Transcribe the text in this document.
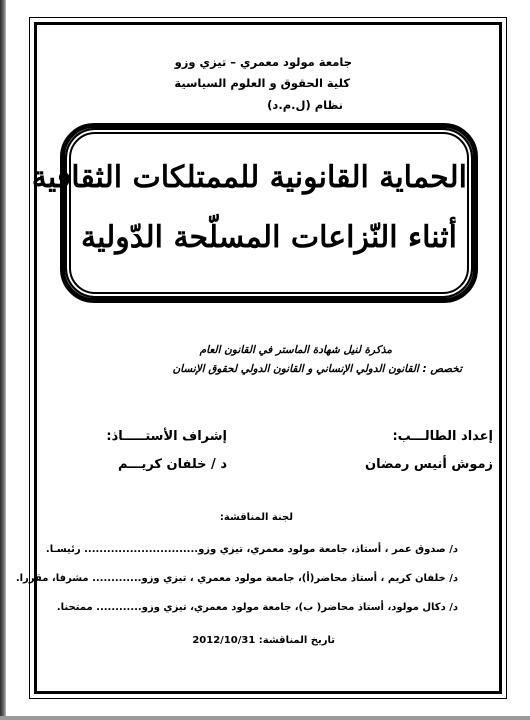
جامعة مولود معمري – تيزي وزو
كلية الحقوق و العلوم السياسية
نظام (ل.م.د)
الحماية القانونية للممتلكات الثقافية
أثناء النّزاعات المسلّحة الدّولية
مذكرة لنيل شهادة الماستر في القانون العام
تخصص : القانون الدولي الإنساني و القانون الدولي لحقوق الإنسان
إعداد الطالـــب:
زموش أنيس رمضان
إشراف الأستـــــاذ:
د / خلفان كريـــم
لجنة المناقشة:
د/ صدوق عمر ، أستاذ، جامعة مولود معمري، تيزي وزو.............................. رئيسـا.
د/ خلفان كريم ، أستاذ محاضر(أ)، جامعة مولود معمري ، تيزي وزو............. مشرفا، مقررا.
د/ دكال مولود، أستاذ محاضر( ب)، جامعة مولود معمري، تيزي وزو............ ممتحنا.
تاريخ المناقشة: 2012/10/31
